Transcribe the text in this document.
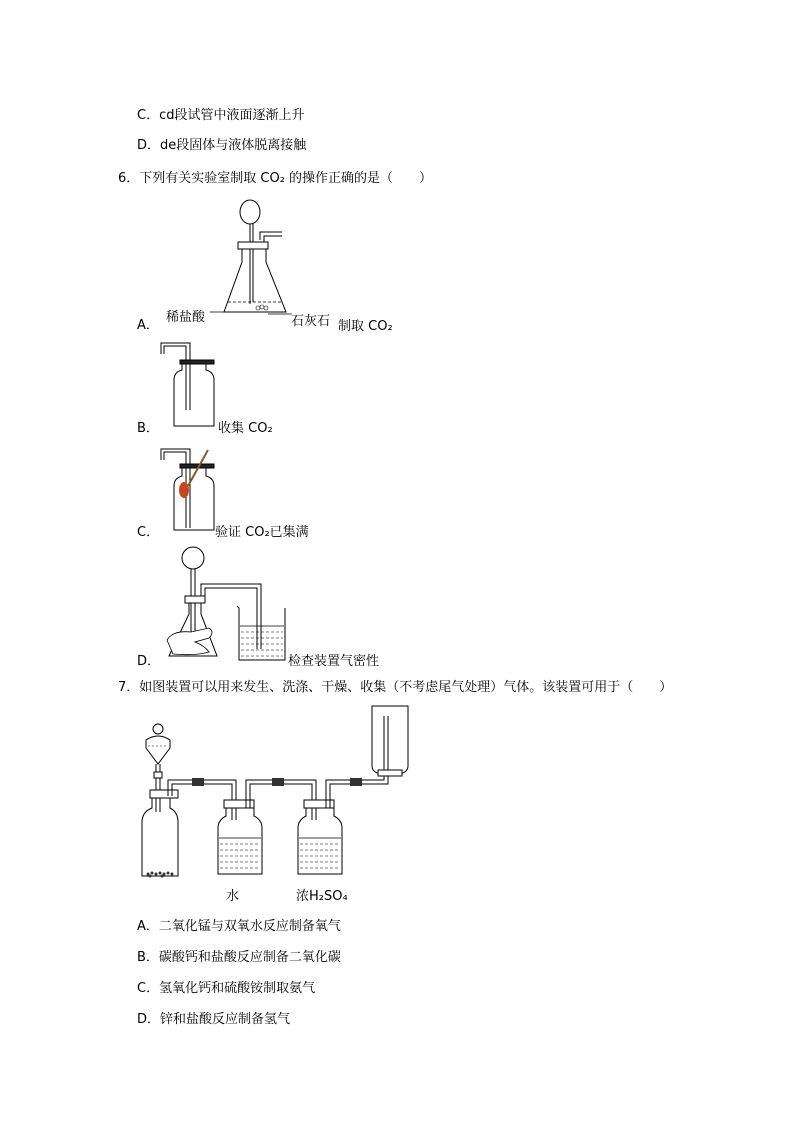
C．cd段试管中液面逐渐上升
D．de段固体与液体脱离接触
6．下列有关实验室制取 CO₂ 的操作正确的是（　　）
A．
稀盐酸	石灰石 制取 CO₂
B．	收集 CO₂
C．	验证 CO₂已集满
D．	检查装置气密性
7．如图装置可以用来发生、洗涤、干燥、收集（不考虑尾气处理）气体。该装置可用于（　　）
水	浓H₂SO₄
A．二氧化锰与双氧水反应制备氧气
B．碳酸钙和盐酸反应制备二氧化碳
C．氢氧化钙和硫酸铵制取氨气
D．锌和盐酸反应制备氢气
